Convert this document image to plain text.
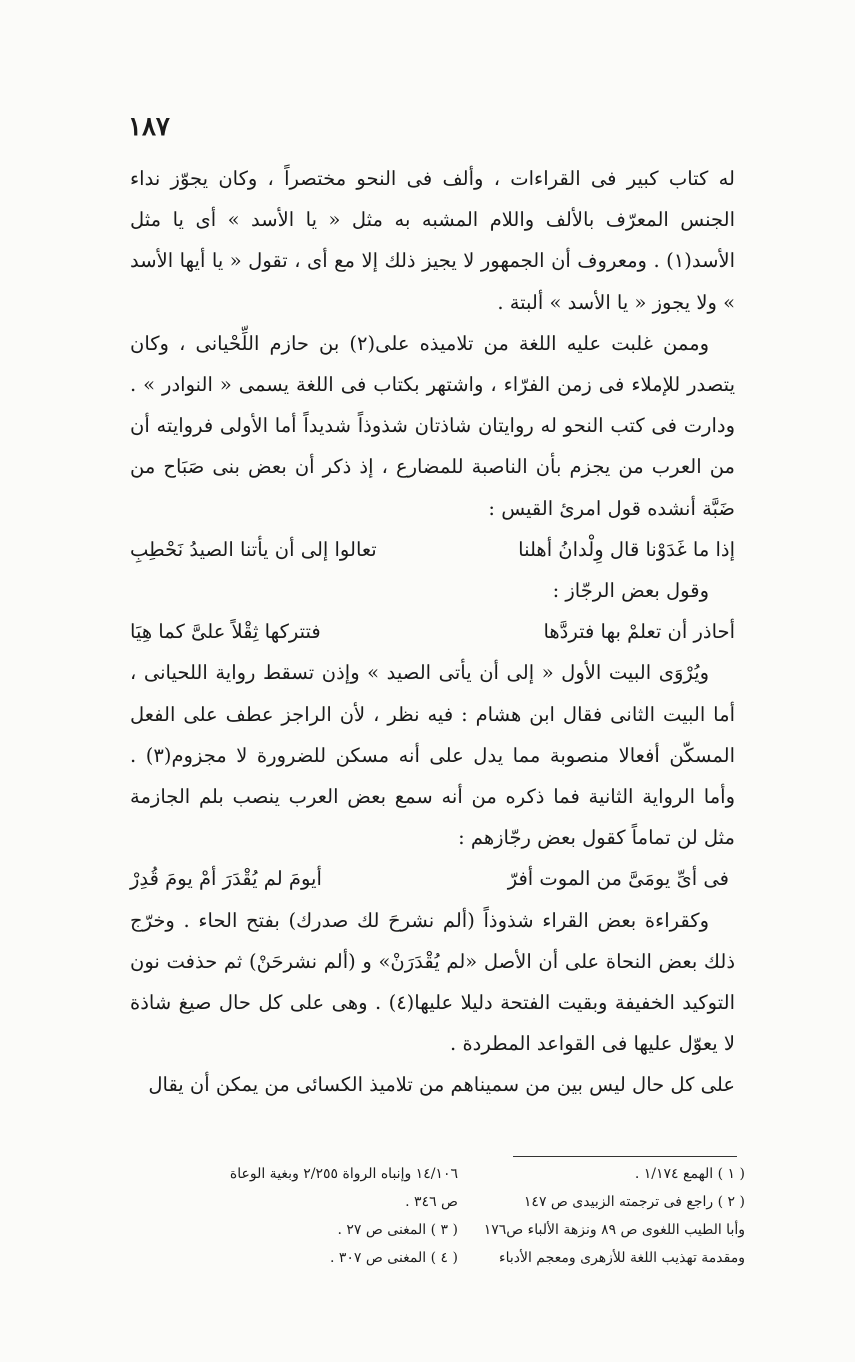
١٨٧

له كتاب كبير فى القراءات ، وألف فى النحو مختصراً ، وكان يجوّز نداء الجنس المعرّف بالألف واللام المشبه به مثل « يا الأسد » أى يا مثل الأسد(١) . ومعروف أن الجمهور لا يجيز ذلك إلا مع أى ، تقول « يا أيها الأسد » ولا يجوز « يا الأسد » ألبتة .

وممن غلبت عليه اللغة من تلاميذه على(٢) بن حازم اللِّحْيانى ، وكان يتصدر للإملاء فى زمن الفرّاء ، واشتهر بكتاب فى اللغة يسمى « النوادر » . ودارت فى كتب النحو له روايتان شاذتان شذوذاً شديداً أما الأولى فروايته أن من العرب من يجزم بأن الناصبة للمضارع ، إذ ذكر أن بعض بنى صَبَاح من ضَبَّة أنشده قول امرئ القيس :

إذا ما غَدَوْنا قال وِلْدانُ أهلنا
تعالوا إلى أن يأتنا الصيدُ نَحْطِبِ

وقول بعض الرجّاز :

أحاذر أن تعلمْ بها فتردَّها
فتتركها ثِقْلاً علىَّ كما هِيَا

ويُرْوَى البيت الأول « إلى أن يأتى الصيد » وإذن تسقط رواية اللحيانى ، أما البيت الثانى فقال ابن هشام : فيه نظر ، لأن الراجز عطف على الفعل المسكّن أفعالا منصوبة مما يدل على أنه مسكن للضرورة لا مجزوم(٣) . وأما الرواية الثانية فما ذكره من أنه سمع بعض العرب ينصب بلم الجازمة مثل لن تماماً كقول بعض رجّازهم :

فى أىِّ يومَىَّ من الموت أفرّ
أيومَ لم يُقْدَرَ أمْ يومَ قُدِرْ

وكقراءة بعض القراء شذوذاً (ألم نشرحَ لك صدرك) بفتح الحاء . وخرّج ذلك بعض النحاة على أن الأصل «لم يُقْدَرَنْ» و (ألم نشرحَنْ) ثم حذفت نون التوكيد الخفيفة وبقيت الفتحة دليلا عليها(٤) . وهى على كل حال صيغ شاذة لا يعوّل عليها فى القواعد المطردة .

على كل حال ليس بين من سميناهم من تلاميذ الكسائى من يمكن أن يقال

( ١ ) الهمع ١/١٧٤ .
( ٢ ) راجع فى ترجمته الزبيدى ص ١٤٧
وأبا الطيب اللغوى ص ٨٩ ونزهة الألباء ص١٧٦
ومقدمة تهذيب اللغة للأزهرى ومعجم الأدباء
١٤/١٠٦ وإنباه الرواة ٢/٢٥٥ وبغية الوعاة
ص ٣٤٦ .
( ٣ ) المغنى ص ٢٧ .
( ٤ ) المغنى ص ٣٠٧ .
